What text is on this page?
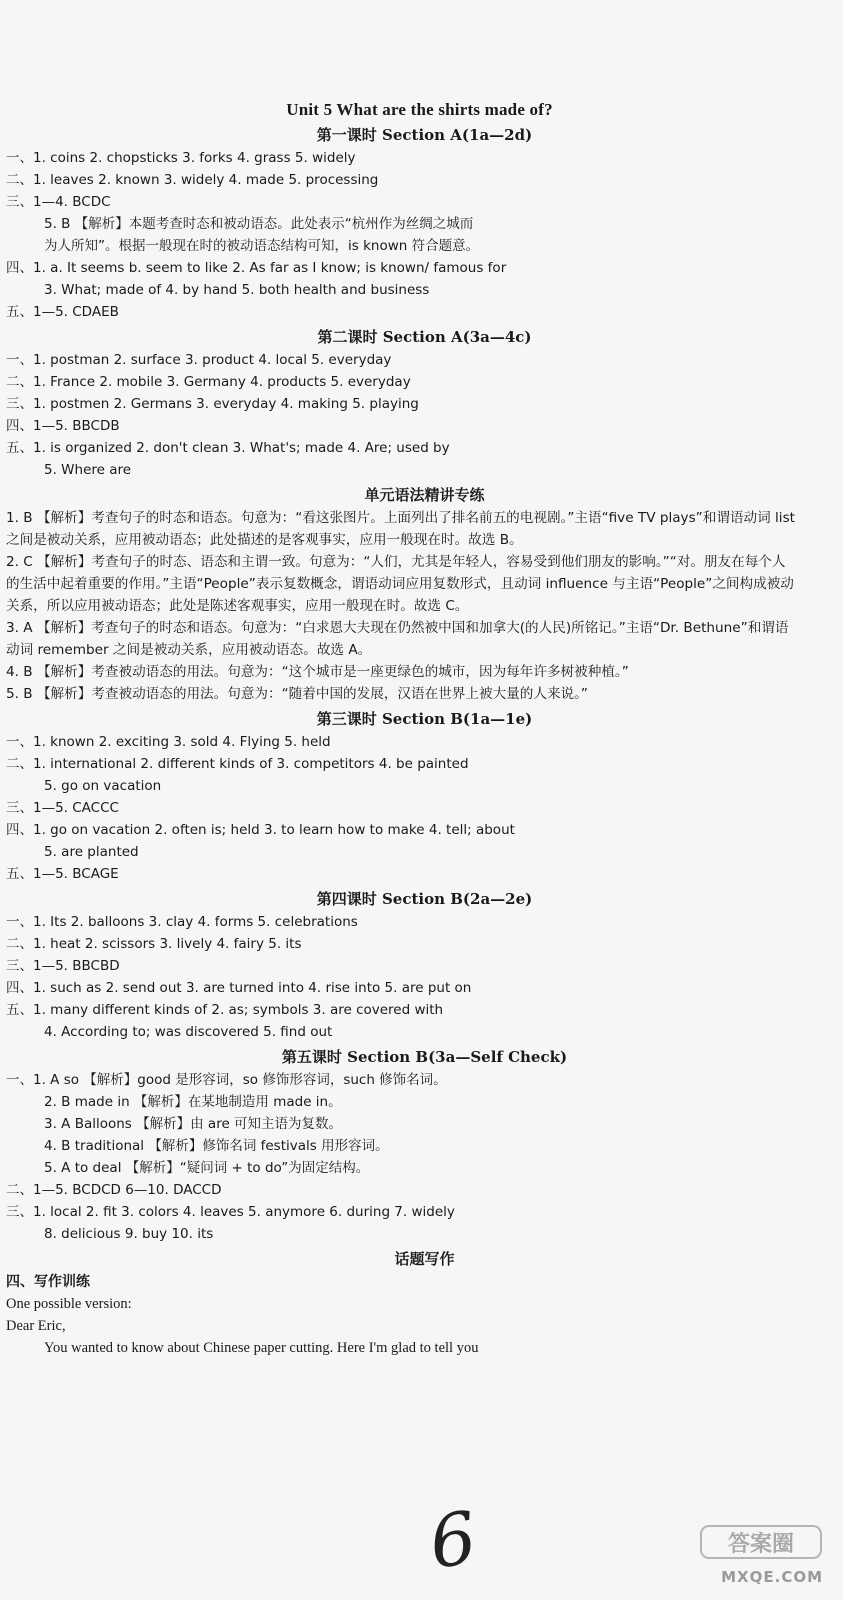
Unit 5 What are the shirts made of?
第一课时 Section A(1a—2d)

一、1. coins 2. chopsticks 3. forks 4. grass 5. widely

二、1. leaves 2. known 3. widely 4. made 5. processing

三、1—4. BCDC

5. B 【解析】本题考查时态和被动语态。此处表示“杭州作为丝绸之城而

为人所知”。根据一般现在时的被动语态结构可知，is known 符合题意。

四、1. a. It seems b. seem to like 2. As far as I know; is known/ famous for

3. What; made of 4. by hand 5. both health and business

五、1—5. CDAEB

第二课时 Section A(3a—4c)

一、1. postman 2. surface 3. product 4. local 5. everyday

二、1. France 2. mobile 3. Germany 4. products 5. everyday

三、1. postmen 2. Germans 3. everyday 4. making 5. playing

四、1—5. BBCDB

五、1. is organized 2. don't clean 3. What's; made 4. Are; used by

5. Where are

单元语法精讲专练

1. B 【解析】考查句子的时态和语态。句意为：“看这张图片。上面列出了排名前五的电视剧。”主语“five TV plays”和谓语动词 list 之间是被动关系，应用被动语态；此处描述的是客观事实，应用一般现在时。故选 B。

2. C 【解析】考查句子的时态、语态和主谓一致。句意为：“人们，尤其是年轻人，容易受到他们朋友的影响。”“对。朋友在每个人的生活中起着重要的作用。”主语“People”表示复数概念，谓语动词应用复数形式，且动词 influence 与主语“People”之间构成被动关系，所以应用被动语态；此处是陈述客观事实，应用一般现在时。故选 C。

3. A 【解析】考查句子的时态和语态。句意为：“白求恩大夫现在仍然被中国和加拿大(的人民)所铭记。”主语“Dr. Bethune”和谓语动词 remember 之间是被动关系，应用被动语态。故选 A。

4. B 【解析】考查被动语态的用法。句意为：“这个城市是一座更绿色的城市，因为每年许多树被种植。”

5. B 【解析】考查被动语态的用法。句意为：“随着中国的发展，汉语在世界上被大量的人来说。”

第三课时 Section B(1a—1e)

一、1. known 2. exciting 3. sold 4. Flying 5. held

二、1. international 2. different kinds of 3. competitors 4. be painted

5. go on vacation

三、1—5. CACCC

四、1. go on vacation 2. often is; held 3. to learn how to make 4. tell; about

5. are planted

五、1—5. BCAGE

第四课时 Section B(2a—2e)

一、1. Its 2. balloons 3. clay 4. forms 5. celebrations

二、1. heat 2. scissors 3. lively 4. fairy 5. its

三、1—5. BBCBD

四、1. such as 2. send out 3. are turned into 4. rise into 5. are put on

五、1. many different kinds of 2. as; symbols 3. are covered with

4. According to; was discovered 5. find out

第五课时 Section B(3a—Self Check)

一、1. A so 【解析】good 是形容词，so 修饰形容词，such 修饰名词。

2. B made in 【解析】在某地制造用 made in。

3. A Balloons 【解析】由 are 可知主语为复数。

4. B traditional 【解析】修饰名词 festivals 用形容词。

5. A to deal 【解析】“疑问词 + to do”为固定结构。

二、1—5. BCDCD 6—10. DACCD

三、1. local 2. fit 3. colors 4. leaves 5. anymore 6. during 7. widely

8. delicious 9. buy 10. its

话题写作

四、写作训练

One possible version:

Dear Eric,

You wanted to know about Chinese paper cutting. Here I'm glad to tell you

6	答案圈
MXQE.COM
